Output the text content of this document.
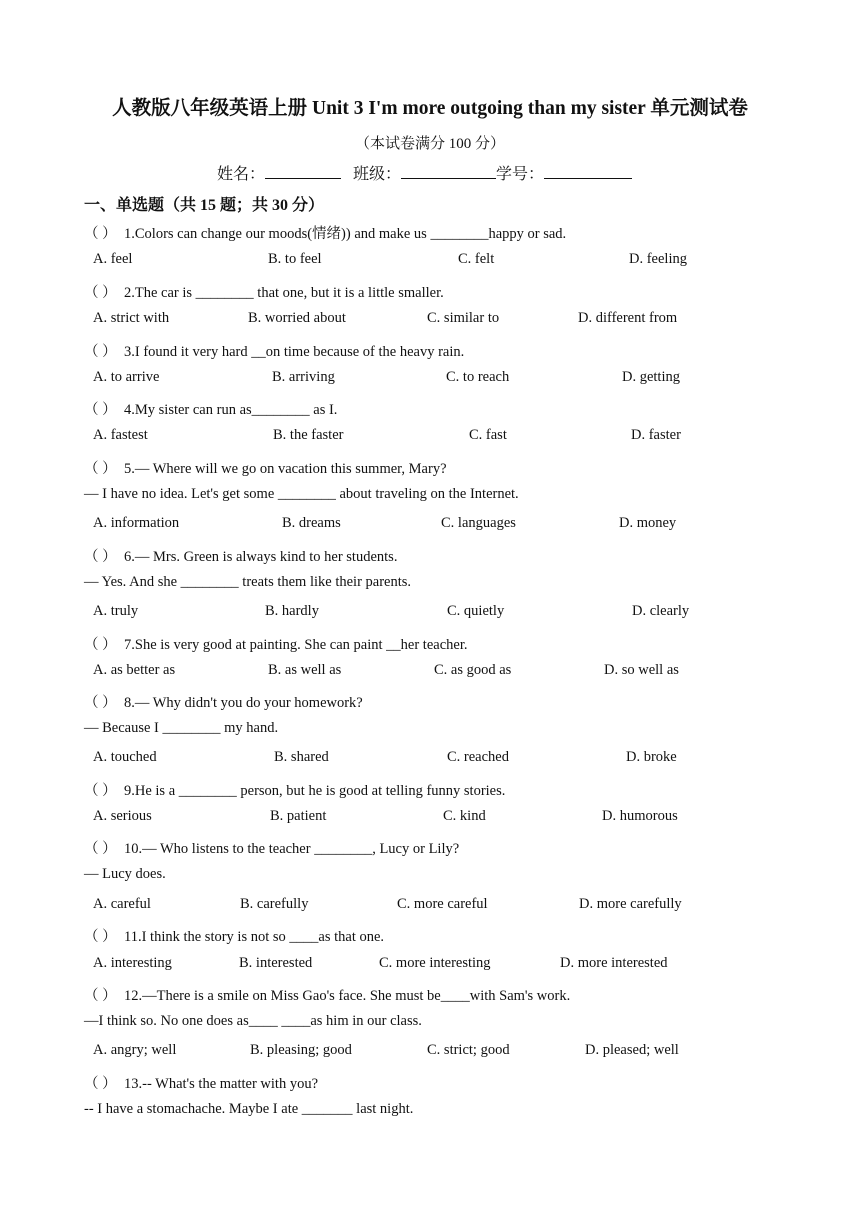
人教版八年级英语上册 Unit 3 I'm more outgoing than my sister 单元测试卷
（本试卷满分 100 分）
姓名：	班级：	学号：
一、单选题（共 15 题；共 30 分）
（ ） 1.Colors can change our moods(情绪)) and make us ________happy or sad.
A. feel	B. to feel	C. felt	D. feeling
（ ） 2.The car is ________ that one, but it is a little smaller.
A. strict with	B. worried about	C. similar to	D. different from
（ ） 3.I found it very hard __on time because of the heavy rain.
A. to arrive	B. arriving	C. to reach	D. getting
（ ） 4.My sister can run as________ as I.
A. fastest	B. the faster	C. fast	D. faster
（ ） 5.— Where will we go on vacation this summer, Mary?
— I have no idea. Let's get some ________ about traveling on the Internet.
A. information	B. dreams	C. languages	D. money
（ ） 6.— Mrs. Green is always kind to her students.
— Yes. And she ________ treats them like their parents.
A. truly	B. hardly	C. quietly	D. clearly
（ ） 7.She is very good at painting. She can paint __her teacher.
A. as better as	B. as well as	C. as good as	D. so well as
（ ） 8.— Why didn't you do your homework?
— Because I ________ my hand.
A. touched	B. shared	C. reached	D. broke
（ ） 9.He is a ________ person, but he is good at telling funny stories.
A. serious	B. patient	C. kind	D. humorous
（ ） 10.— Who listens to the teacher ________, Lucy or Lily?
— Lucy does.
A. careful	B. carefully	C. more careful	D. more carefully
（ ） 11.I think the story is not so ____as that one.
A. interesting	B. interested	C. more interesting	D. more interested
（ ） 12.—There is a smile on Miss Gao's face. She must be____with Sam's work.
—I think so. No one does as____ ____as him in our class.
A. angry; well	B. pleasing; good	C. strict; good	D. pleased; well
（ ） 13.-- What's the matter with you?
-- I have a stomachache. Maybe I ate _______ last night.
